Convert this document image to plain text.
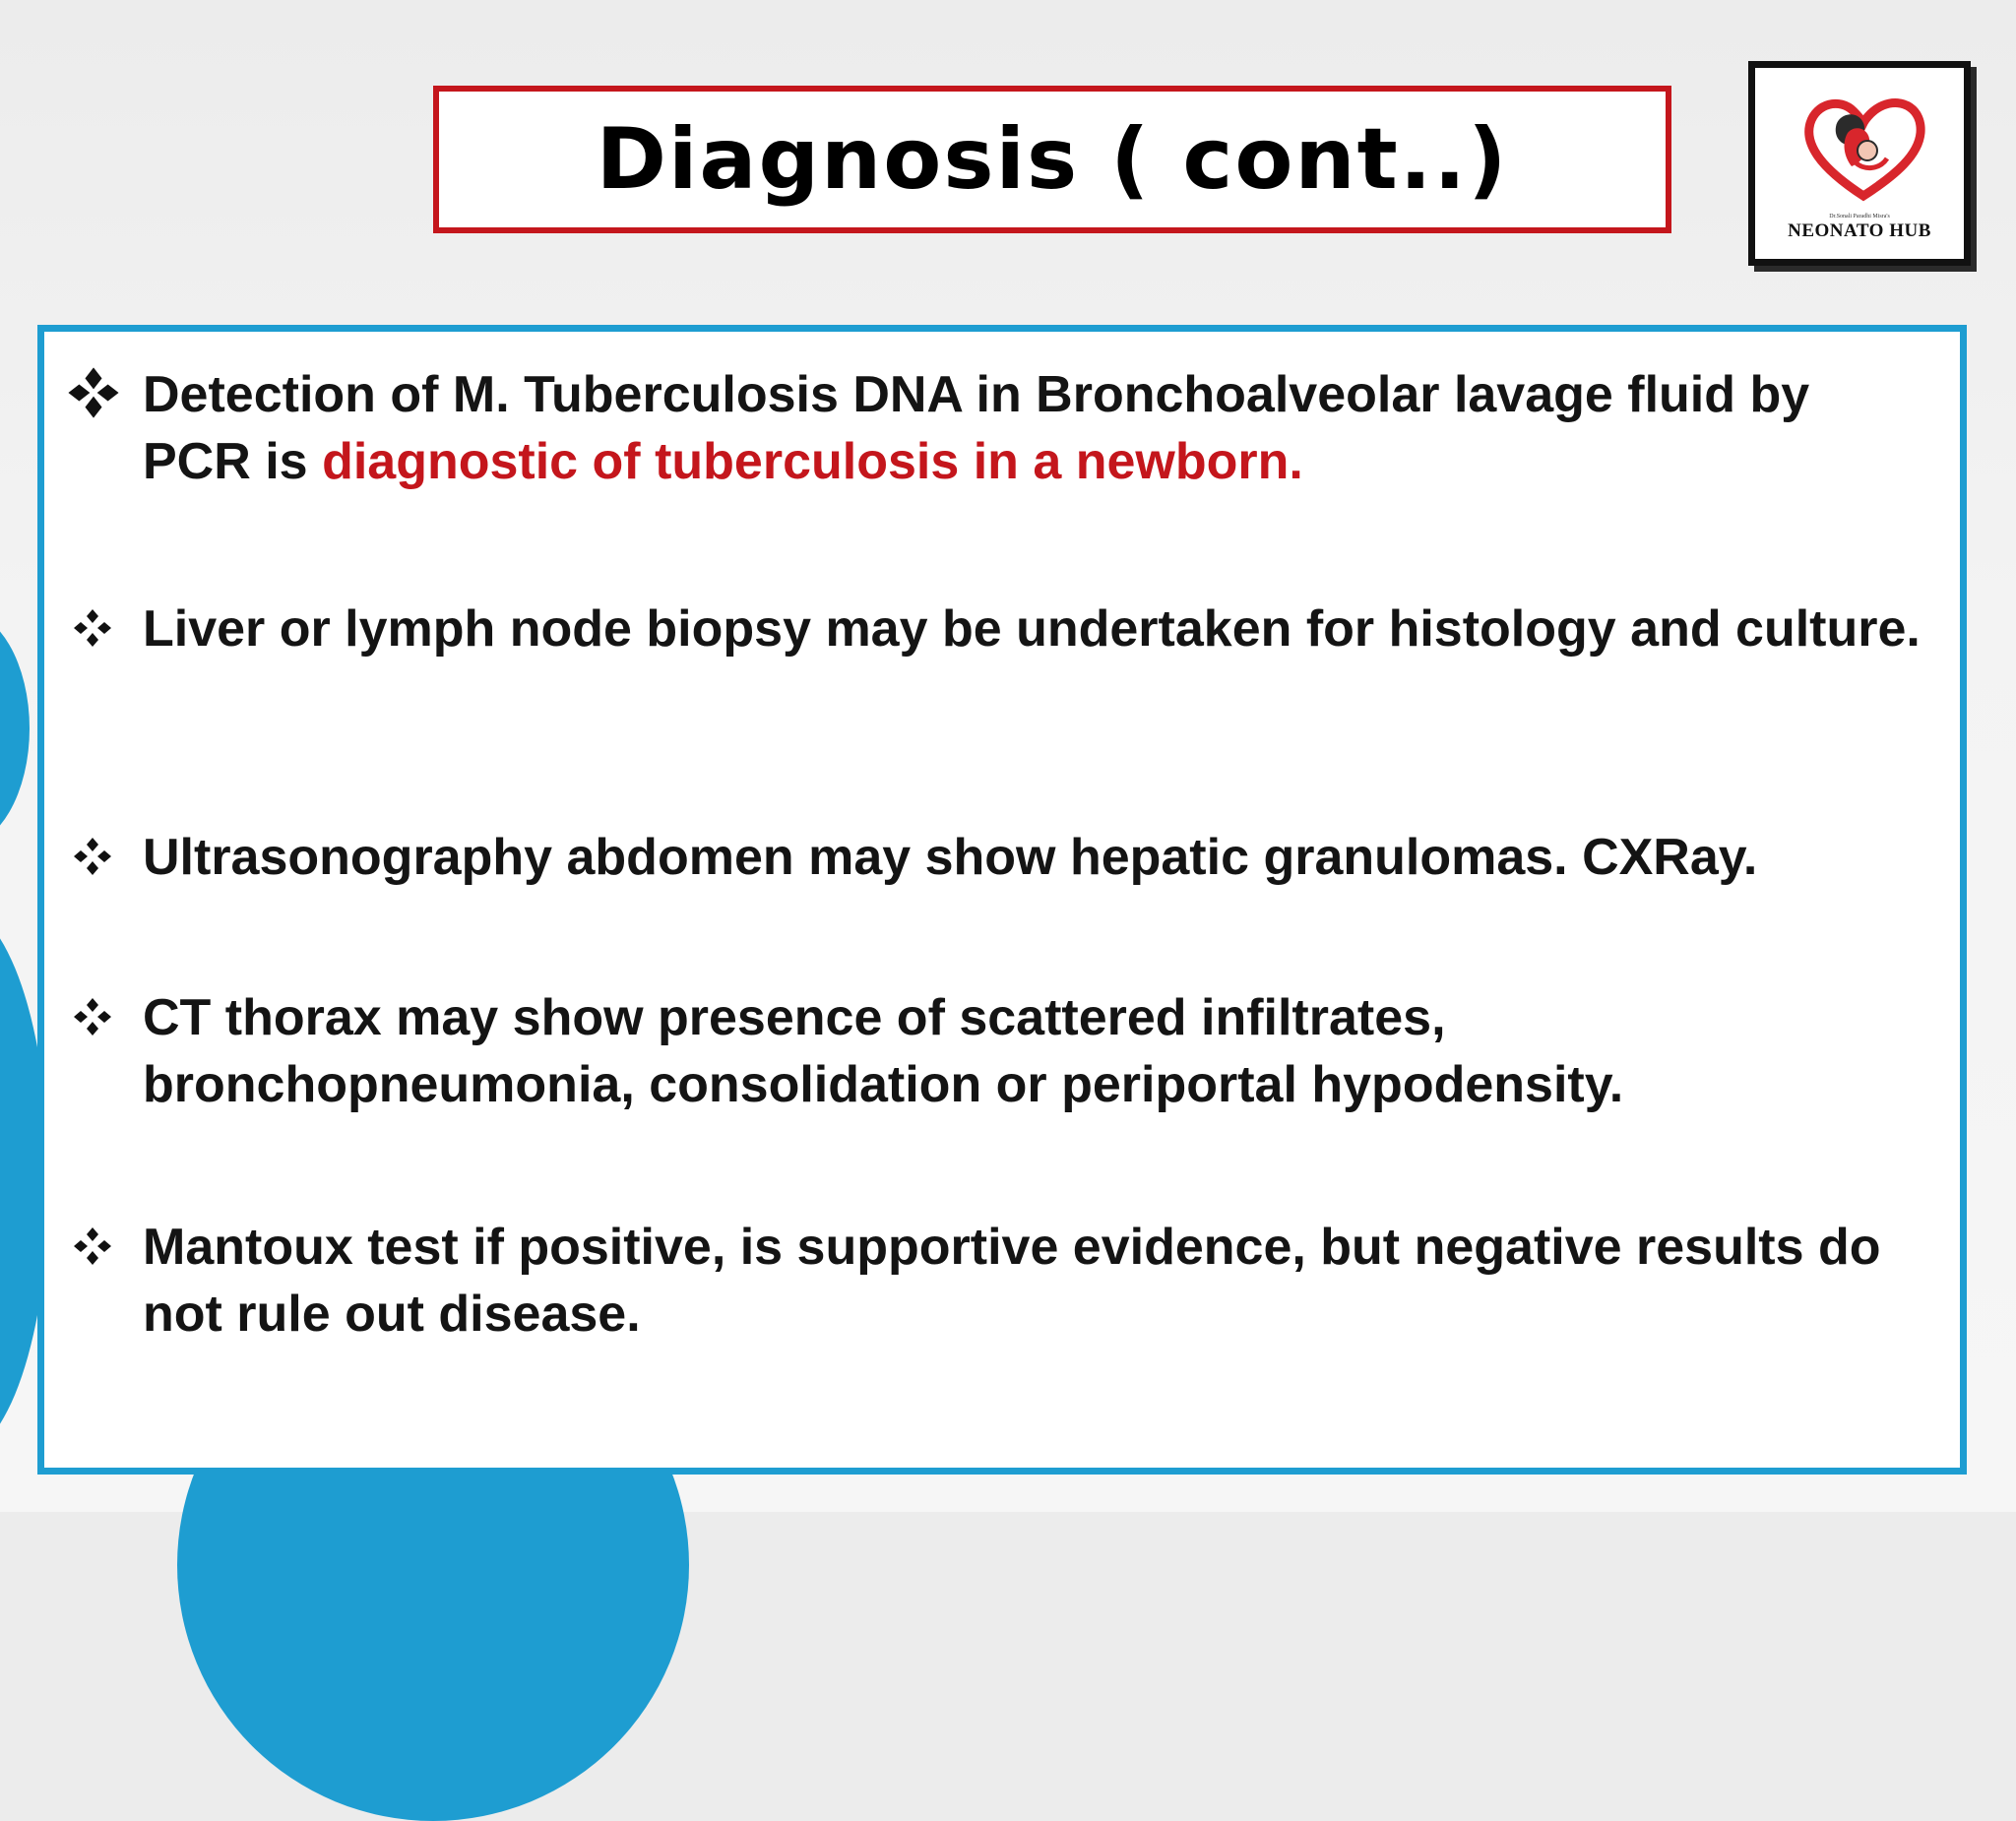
Diagnosis ( cont..)
Dr.Sonali Paradhi Misra's
NEONATO HUB
Detection of M. Tuberculosis DNA in Bronchoalveolar lavage fluid by PCR is diagnostic of tuberculosis in a newborn.
Liver or lymph node biopsy may be undertaken for histology and culture.
Ultrasonography abdomen may show hepatic granulomas. CXRay.
CT thorax may show presence of scattered infiltrates, bronchopneumonia, consolidation or periportal hypodensity.
Mantoux test if positive, is supportive evidence, but negative results do not rule out disease.
